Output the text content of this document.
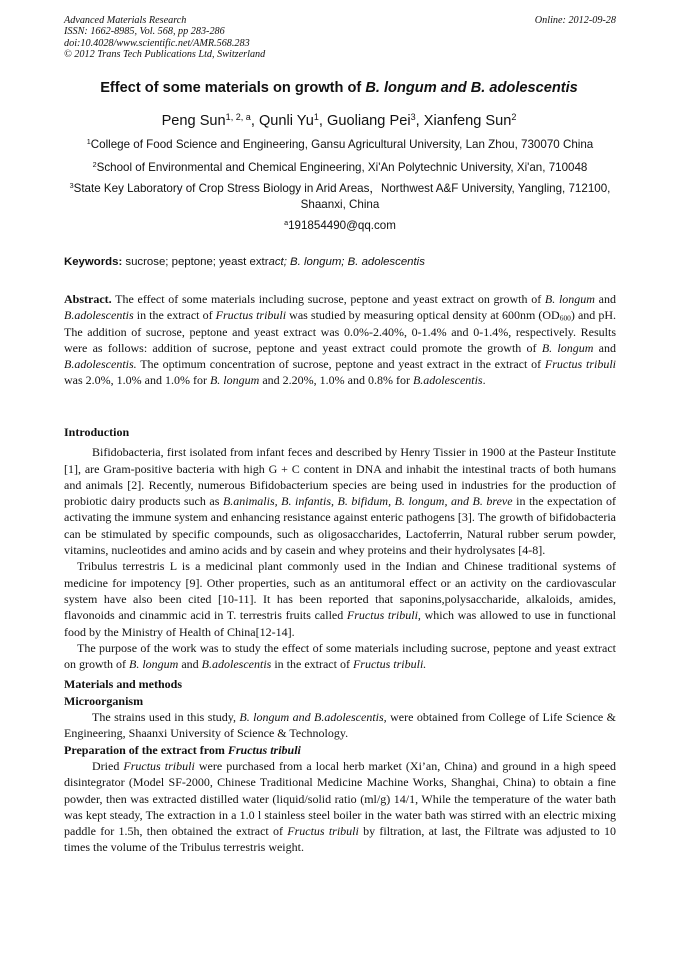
Advanced Materials Research
ISSN: 1662-8985, Vol. 568, pp 283-286
doi:10.4028/www.scientific.net/AMR.568.283
© 2012 Trans Tech Publications Ltd, Switzerland
Online: 2012-09-28
Effect of some materials on growth of B. longum and B. adolescentis
Peng Sun$^{1, 2, a}$, Qunli Yu$^1$, Guoliang Pei$^3$, Xianfeng Sun$^2$
$^1$College of Food Science and Engineering, Gansu Agricultural University, Lan Zhou, 730070 China
$^2$School of Environmental and Chemical Engineering, Xi'An Polytechnic University, Xi'an, 710048
$^3$State Key Laboratory of Crop Stress Biology in Arid Areas，Northwest A&F University, Yangling, 712100, Shaanxi, China
$^a$191854490@qq.com
Keywords: sucrose; peptone; yeast extract; B. longum; B. adolescentis
Abstract. The effect of some materials including sucrose, peptone and yeast extract on growth of B. longum and B.adolescentis in the extract of Fructus tribuli was studied by measuring optical density at 600nm $(OD_{600})$ and pH. The addition of sucrose, peptone and yeast extract was 0.0%-2.40%, 0-1.4% and 0-1.4%, respectively. Results were as follows: addition of sucrose, peptone and yeast extract could promote the growth of B. longum and B.adolescentis. The optimum concentration of sucrose, peptone and yeast extract in the extract of Fructus tribuli was 2.0%, 1.0% and 1.0% for B. longum and 2.20%, 1.0% and 0.8% for B.adolescentis.

Introduction

Bifidobacteria, first isolated from infant feces and described by Henry Tissier in 1900 at the Pasteur Institute [1], are Gram-positive bacteria with high G + C content in DNA and inhabit the intestinal tracts of both humans and animals [2]. Recently, numerous Bifidobacterium species are being used in industries for the production of probiotic dairy products such as B.animalis, B. infantis, B. bifidum, B. longum, and B. breve in the expectation of activating the immune system and enhancing resistance against enteric pathogens [3]. The growth of bifidobacteria can be stimulated by specific compounds, such as oligosaccharides, Lactoferrin, Natural rubber serum powder, vitamins, nucleotides and amino acids and by casein and whey proteins and their hydrolysates [4-8].

Tribulus terrestris L is a medicinal plant commonly used in the Indian and Chinese traditional systems of medicine for impotency [9]. Other properties, such as an antitumoral effect or an activity on the cardiovascular system have also been cited [10-11]. It has been reported that saponins,polysaccharide, alkaloids, amides, flavonoids and cinammic acid in T. terrestris fruits called Fructus tribuli, which was allowed to use in functional food by the Ministry of Health of China[12-14].

The purpose of the work was to study the effect of some materials including sucrose, peptone and yeast extract on growth of B. longum and B.adolescentis in the extract of Fructus tribuli.

Materials and methods

Microorganism

The strains used in this study, B. longum and B.adolescentis, were obtained from College of Life Science & Engineering, Shaanxi University of Science & Technology.

Preparation of the extract from Fructus tribuli

Dried Fructus tribuli were purchased from a local herb market (Xi’an, China) and ground in a high speed disintegrator (Model SF-2000, Chinese Traditional Medicine Machine Works, Shanghai, China) to obtain a fine powder, then was extracted distilled water (liquid/solid ratio (ml/g) 14/1, While the temperature of the water bath was kept steady, The extraction in a 1.0 l stainless steel boiler in the water bath was stirred with an electric mixing paddle for 1.5h, then obtained the extract of Fructus tribuli by filtration, at last, the Filtrate was adjusted to 10 times the volume of the Tribulus terrestris weight.
